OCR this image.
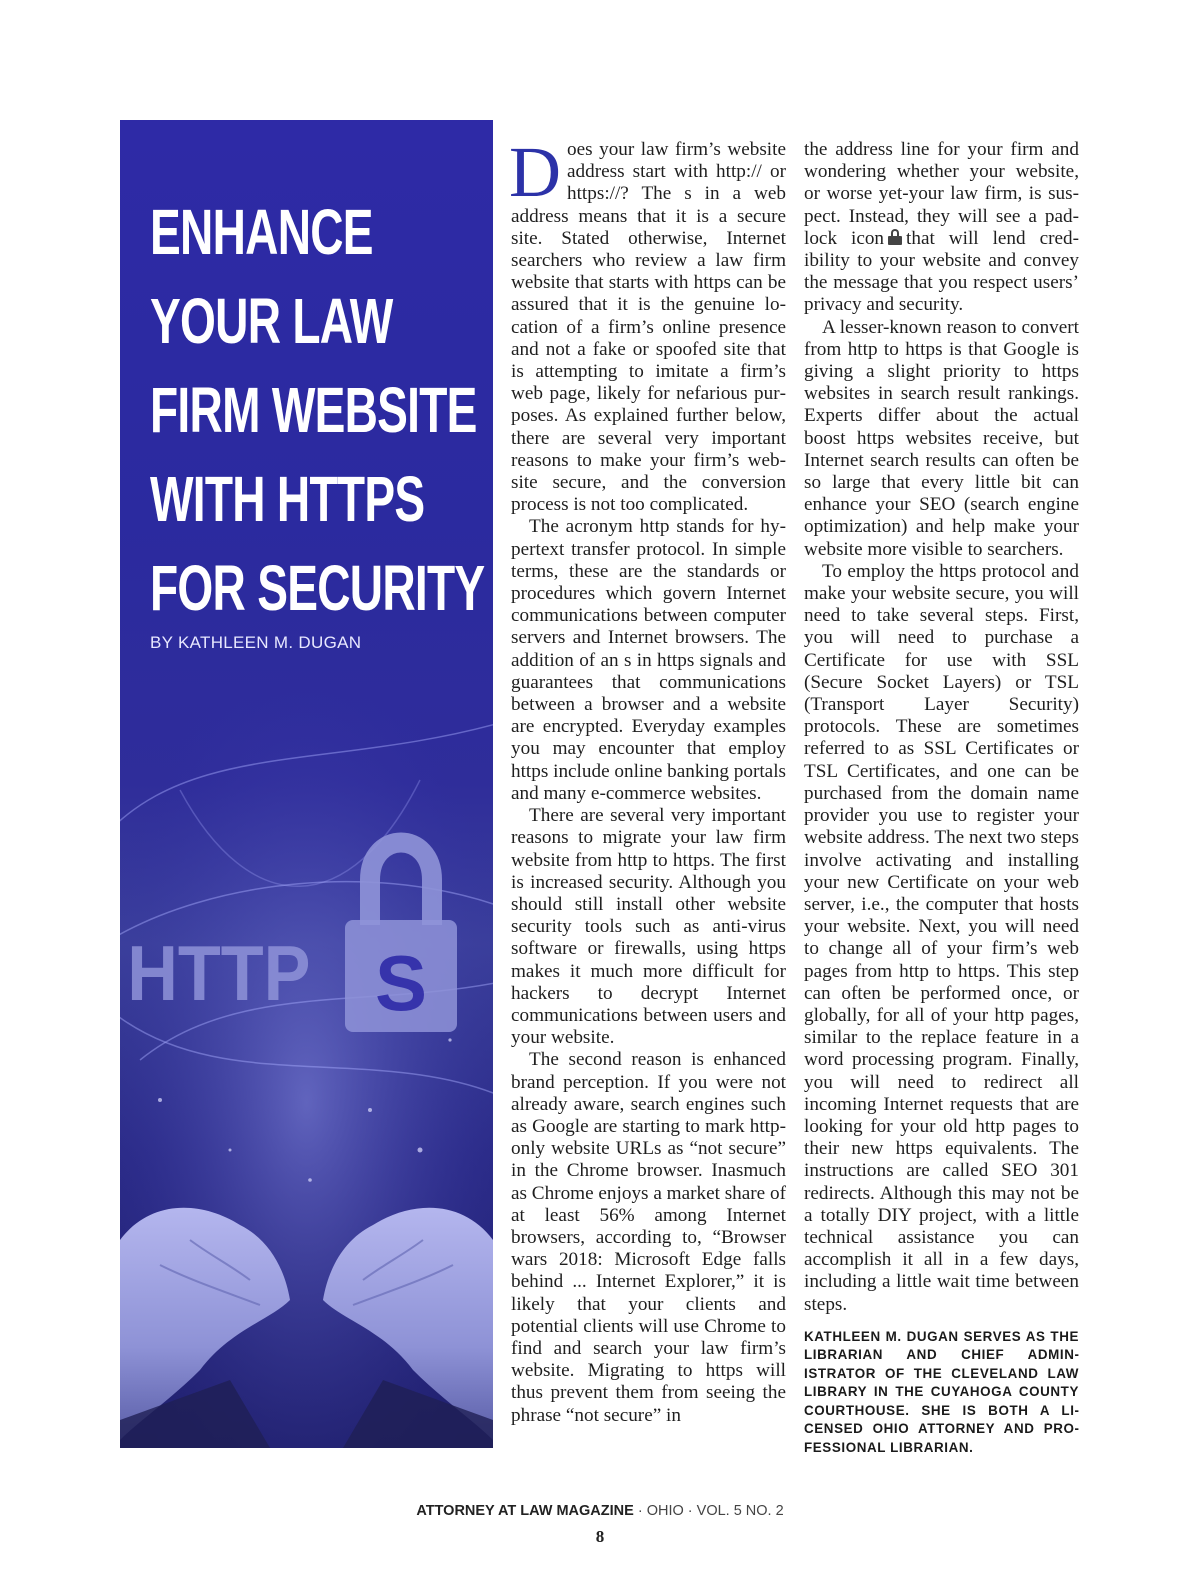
ENHANCE
YOUR LAW
FIRM WEBSITE
WITH HTTPS
FOR SECURITY
BY KATHLEEN M. DUGAN
HTTP S

Does your law firm’s website address start with http:// or https://? The s in a web address means that it is a secure site. Stated otherwise, Internet searchers who review a law firm website that starts with https can be assured that it is the genuine location of a firm’s online presence and not a fake or spoofed site that is attempting to imitate a firm’s web page, likely for nefarious purposes. As explained further below, there are several very important reasons to make your firm’s website secure, and the conversion process is not too complicated.

The acronym http stands for hypertext transfer protocol. In simple terms, these are the standards or procedures which govern Internet communications between computer servers and Internet browsers. The addition of an s in https signals and guarantees that communications between a browser and a website are encrypted. Everyday examples you may encounter that employ https include online banking portals and many e-commerce websites.

There are several very important reasons to migrate your law firm website from http to https. The first is increased security. Although you should still install other website security tools such as anti-virus software or firewalls, using https makes it much more difficult for hackers to decrypt Internet communications between users and your website.

The second reason is enhanced brand perception. If you were not already aware, search engines such as Google are starting to mark http-only website URLs as “not secure” in the Chrome browser. Inasmuch as Chrome enjoys a market share of at least 56% among Internet browsers, according to, “Browser wars 2018: Microsoft Edge falls behind ... Internet Explorer,” it is likely that your clients and potential clients will use Chrome to find and search your law firm’s website. Migrating to https will thus prevent them from seeing the phrase “not secure” in

the address line for your firm and wondering whether your website, or worse yet-your law firm, is suspect. Instead, they will see a padlock icon that will lend credibility to your website and convey the message that you respect users’ privacy and security.

A lesser-known reason to convert from http to https is that Google is giving a slight priority to https websites in search result rankings. Experts differ about the actual boost https websites receive, but Internet search results can often be so large that every little bit can enhance your SEO (search engine optimization) and help make your website more visible to searchers.

To employ the https protocol and make your website secure, you will need to take several steps. First, you will need to purchase a Certificate for use with SSL (Secure Socket Layers) or TSL (Transport Layer Security) protocols. These are sometimes referred to as SSL Certificates or TSL Certificates, and one can be purchased from the domain name provider you use to register your website address. The next two steps involve activating and installing your new Certificate on your web server, i.e., the computer that hosts your website. Next, you will need to change all of your firm’s web pages from http to https. This step can often be performed once, or globally, for all of your http pages, similar to the replace feature in a word processing program. Finally, you will need to redirect all incoming Internet requests that are looking for your old http pages to their new https equivalents. The instructions are called SEO 301 redirects. Although this may not be a totally DIY project, with a little technical assistance you can accomplish it all in a few days, including a little wait time between steps.

KATHLEEN M. DUGAN SERVES AS THE LIBRARIAN AND CHIEF ADMINISTRATOR OF THE CLEVELAND LAW LIBRARY IN THE CUYAHOGA COUNTY COURTHOUSE. SHE IS BOTH A LICENSED OHIO ATTORNEY AND PROFESSIONAL LIBRARIAN.
ATTORNEY AT LAW MAGAZINE · OHIO · VOL. 5 NO. 2
8
